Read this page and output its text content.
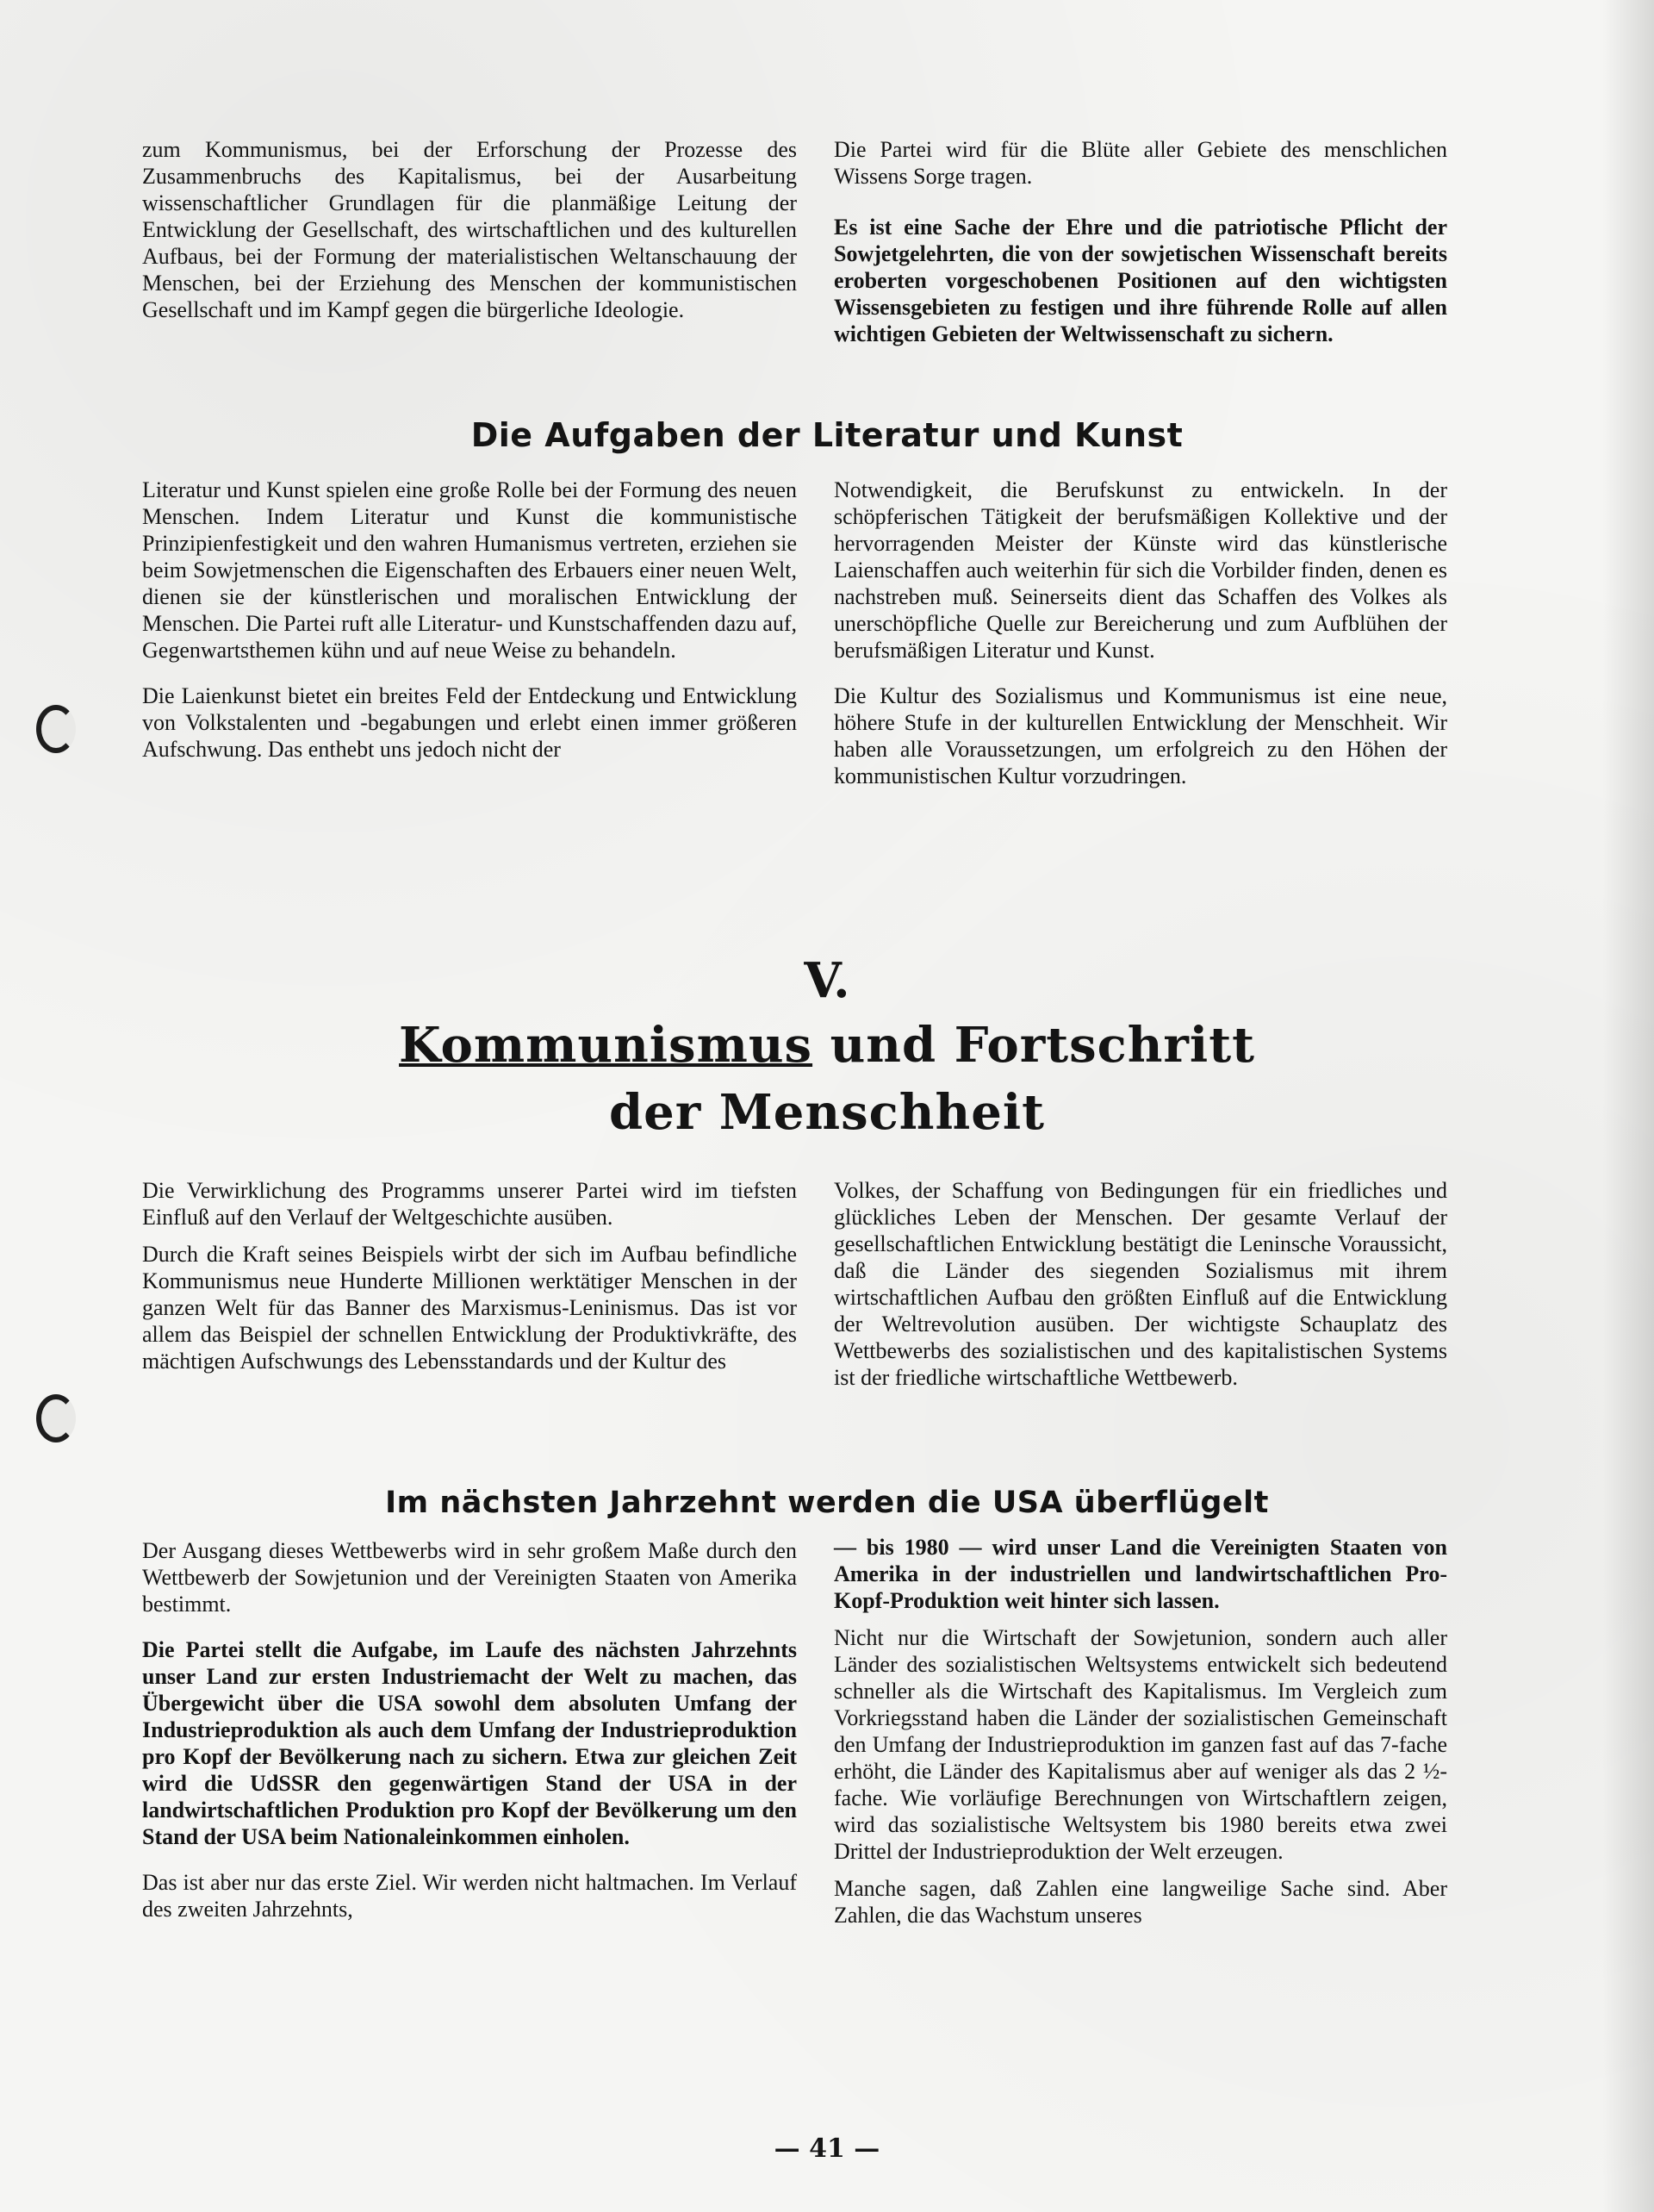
zum Kommunismus, bei der Erforschung der Prozesse des Zusammenbruchs des Kapitalismus, bei der Ausarbeitung wissenschaftlicher Grundlagen für die planmäßige Leitung der Entwicklung der Gesellschaft, des wirtschaftlichen und des kulturellen Aufbaus, bei der Formung der materialistischen Weltanschauung der Menschen, bei der Erziehung des Menschen der kommunistischen Gesellschaft und im Kampf gegen die bürgerliche Ideologie.

Die Partei wird für die Blüte aller Gebiete des menschlichen Wissens Sorge tragen.

Es ist eine Sache der Ehre und die patriotische Pflicht der Sowjetgelehrten, die von der sowjetischen Wissenschaft bereits eroberten vorgeschobenen Positionen auf den wichtigsten Wissensgebieten zu festigen und ihre führende Rolle auf allen wichtigen Gebieten der Weltwissenschaft zu sichern.

Die Aufgaben der Literatur und Kunst

Literatur und Kunst spielen eine große Rolle bei der Formung des neuen Menschen. Indem Literatur und Kunst die kommunistische Prinzipienfestigkeit und den wahren Humanismus vertreten, erziehen sie beim Sowjetmenschen die Eigenschaften des Erbauers einer neuen Welt, dienen sie der künstlerischen und moralischen Entwicklung der Menschen. Die Partei ruft alle Literatur- und Kunstschaffenden dazu auf, Gegenwartsthemen kühn und auf neue Weise zu behandeln.

Die Laienkunst bietet ein breites Feld der Entdeckung und Entwicklung von Volkstalenten und -begabungen und erlebt einen immer größeren Aufschwung. Das enthebt uns jedoch nicht der

Notwendigkeit, die Berufskunst zu entwickeln. In der schöpferischen Tätigkeit der berufsmäßigen Kollektive und der hervorragenden Meister der Künste wird das künstlerische Laienschaffen auch weiterhin für sich die Vorbilder finden, denen es nachstreben muß. Seinerseits dient das Schaffen des Volkes als unerschöpfliche Quelle zur Bereicherung und zum Aufblühen der berufsmäßigen Literatur und Kunst.

Die Kultur des Sozialismus und Kommunismus ist eine neue, höhere Stufe in der kulturellen Entwicklung der Menschheit. Wir haben alle Voraussetzungen, um erfolgreich zu den Höhen der kommunistischen Kultur vorzudringen.

V.
Kommunismus und Fortschritt
der Menschheit

Die Verwirklichung des Programms unserer Partei wird im tiefsten Einfluß auf den Verlauf der Weltgeschichte ausüben.

Durch die Kraft seines Beispiels wirbt der sich im Aufbau befindliche Kommunismus neue Hunderte Millionen werktätiger Menschen in der ganzen Welt für das Banner des Marxismus-Leninismus. Das ist vor allem das Beispiel der schnellen Entwicklung der Produktivkräfte, des mächtigen Aufschwungs des Lebensstandards und der Kultur des

Volkes, der Schaffung von Bedingungen für ein friedliches und glückliches Leben der Menschen. Der gesamte Verlauf der gesellschaftlichen Entwicklung bestätigt die Leninsche Voraussicht, daß die Länder des siegenden Sozialismus mit ihrem wirtschaftlichen Aufbau den größten Einfluß auf die Entwicklung der Weltrevolution ausüben. Der wichtigste Schauplatz des Wettbewerbs des sozialistischen und des kapitalistischen Systems ist der friedliche wirtschaftliche Wettbewerb.

Im nächsten Jahrzehnt werden die USA überflügelt

Der Ausgang dieses Wettbewerbs wird in sehr großem Maße durch den Wettbewerb der Sowjetunion und der Vereinigten Staaten von Amerika bestimmt.

Die Partei stellt die Aufgabe, im Laufe des nächsten Jahrzehnts unser Land zur ersten Industriemacht der Welt zu machen, das Übergewicht über die USA sowohl dem absoluten Umfang der Industrieproduktion als auch dem Umfang der Industrieproduktion pro Kopf der Bevölkerung nach zu sichern. Etwa zur gleichen Zeit wird die UdSSR den gegenwärtigen Stand der USA in der landwirtschaftlichen Produktion pro Kopf der Bevölkerung um den Stand der USA beim Nationaleinkommen einholen.

Das ist aber nur das erste Ziel. Wir werden nicht haltmachen. Im Verlauf des zweiten Jahrzehnts,

— bis 1980 — wird unser Land die Vereinigten Staaten von Amerika in der industriellen und landwirtschaftlichen Pro-Kopf-Produktion weit hinter sich lassen.

Nicht nur die Wirtschaft der Sowjetunion, sondern auch aller Länder des sozialistischen Weltsystems entwickelt sich bedeutend schneller als die Wirtschaft des Kapitalismus. Im Vergleich zum Vorkriegsstand haben die Länder der sozialistischen Gemeinschaft den Umfang der Industrieproduktion im ganzen fast auf das 7-fache erhöht, die Länder des Kapitalismus aber auf weniger als das 2 ½-fache. Wie vorläufige Berechnungen von Wirtschaftlern zeigen, wird das sozialistische Weltsystem bis 1980 bereits etwa zwei Drittel der Industrieproduktion der Welt erzeugen.

Manche sagen, daß Zahlen eine langweilige Sache sind. Aber Zahlen, die das Wachstum unseres

— 41 —
